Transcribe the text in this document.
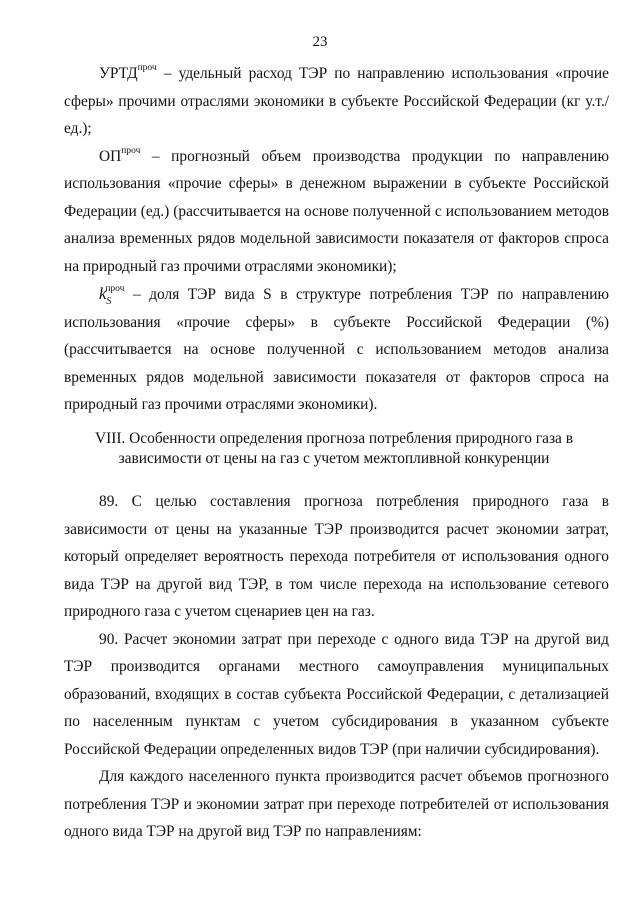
23

$УРТД^{проч}$ – удельный расход ТЭР по направлению использования «прочие сферы» прочими отраслями экономики в субъекте Российской Федерации (кг у.т./ед.);

$ОП^{проч}$ – прогнозный объем производства продукции по направлению использования «прочие сферы» в денежном выражении в субъекте Российской Федерации (ед.) (рассчитывается на основе полученной с использованием методов анализа временных рядов модельной зависимости показателя от факторов спроса на природный газ прочими отраслями экономики);

$k_S^{проч}$ – доля ТЭР вида S в структуре потребления ТЭР по направлению использования «прочие сферы» в субъекте Российской Федерации (%) (рассчитывается на основе полученной с использованием методов анализа временных рядов модельной зависимости показателя от факторов спроса на природный газ прочими отраслями экономики).

VIII. Особенности определения прогноза потребления природного газа в зависимости от цены на газ с учетом межтопливной конкуренции

89. С целью составления прогноза потребления природного газа в зависимости от цены на указанные ТЭР производится расчет экономии затрат, который определяет вероятность перехода потребителя от использования одного вида ТЭР на другой вид ТЭР, в том числе перехода на использование сетевого природного газа с учетом сценариев цен на газ.

90. Расчет экономии затрат при переходе с одного вида ТЭР на другой вид ТЭР производится органами местного самоуправления муниципальных образований, входящих в состав субъекта Российской Федерации, с детализацией по населенным пунктам с учетом субсидирования в указанном субъекте Российской Федерации определенных видов ТЭР (при наличии субсидирования).

Для каждого населенного пункта производится расчет объемов прогнозного потребления ТЭР и экономии затрат при переходе потребителей от использования одного вида ТЭР на другой вид ТЭР по направлениям:
